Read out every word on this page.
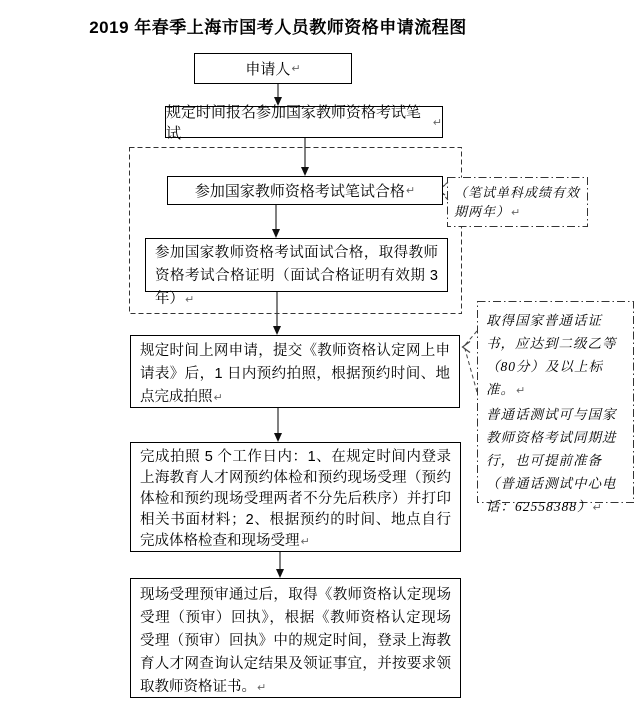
2019 年春季上海市国考人员教师资格申请流程图
申请人 ↵
规定时间报名参加国家教师资格考试笔试
↵
参加国家教师资格考试笔试合格 ↵
参加国家教师资格考试面试合格，取得教师资格考试合格证明（面试合格证明有效期 3 年）↵
规定时间上网申请，提交《教师资格认定网上申请表》后，1 日内预约拍照，根据预约时间、地点完成拍照↵
完成拍照 5 个工作日内：1、在规定时间内登录上海教育人才网预约体检和预约现场受理（预约体检和预约现场受理两者不分先后秩序）并打印相关书面材料；2、根据预约的时间、地点自行完成体格检查和现场受理↵
现场受理预审通过后，取得《教师资格认定现场受理（预审）回执》，根据《教师资格认定现场受理（预审）回执》中的规定时间，登录上海教育人才网查询认定结果及领证事宜，并按要求领取教师资格证书。↵
（笔试单科成绩有效期两年）↵

取得国家普通话证书，应达到二级乙等（80分）及以上标准。↵

普通话测试可与国家教师资格考试同期进行，也可提前准备（普通话测试中心电话：62558388）↵
